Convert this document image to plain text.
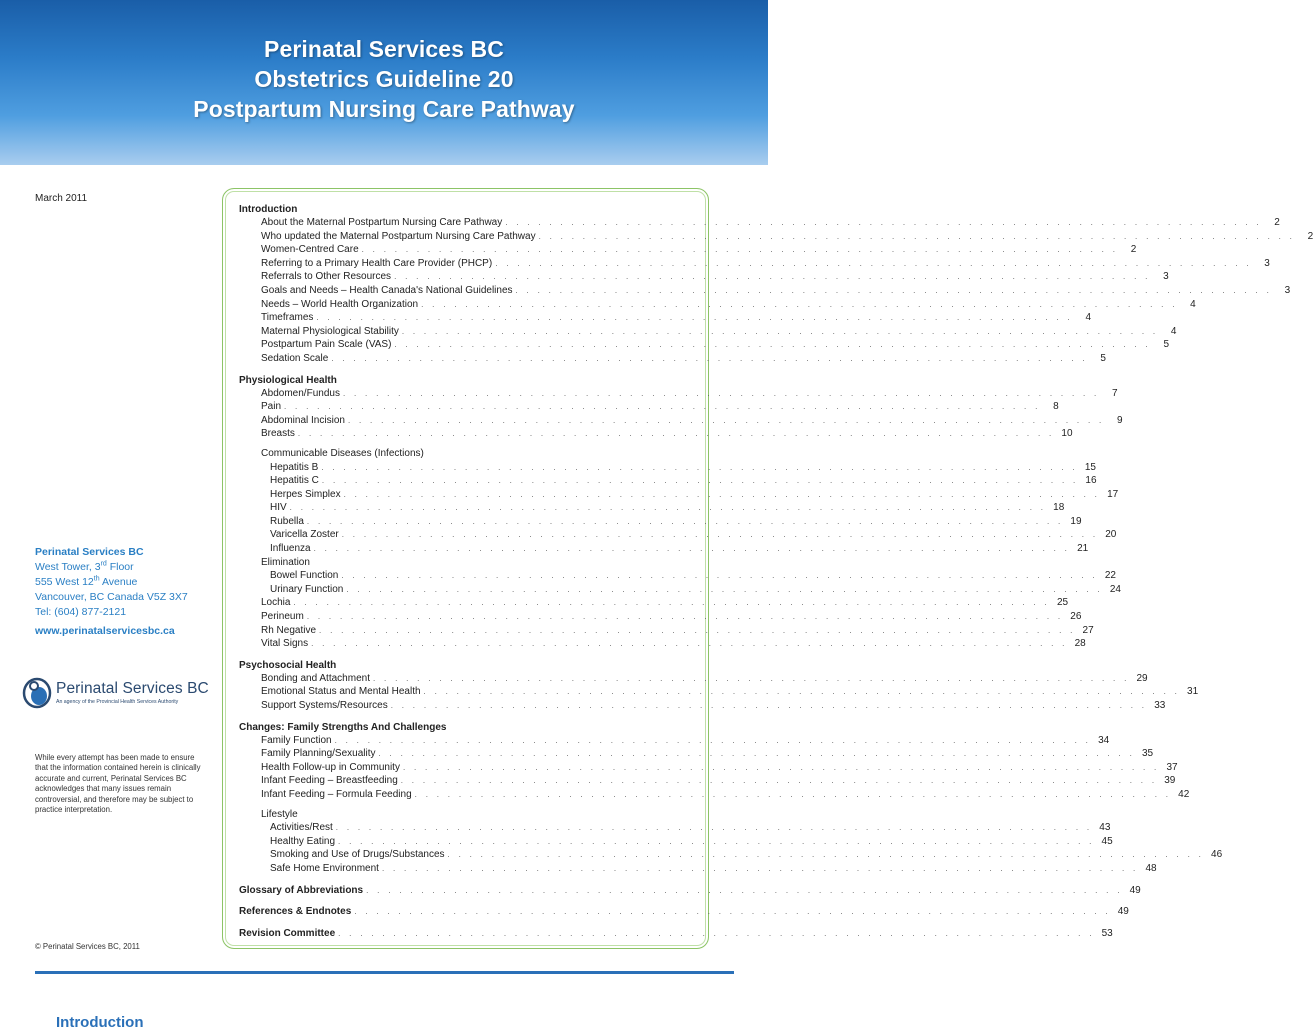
Perinatal Services BC
Obstetrics Guideline 20
Postpartum Nursing Care Pathway
March 2011
Perinatal Services BC
West Tower, 3rd Floor
555 West 12th Avenue
Vancouver, BC Canada V5Z 3X7
Tel: (604) 877-2121
www.perinatalservicesbc.ca
Perinatal Services BC
An agency of the Provincial Health Services Authority
While every attempt has been made to ensure that the information contained herein is clinically accurate and current, Perinatal Services BC acknowledges that many issues remain controversial, and therefore may be subject to practice interpretation.
© Perinatal Services BC, 2011
Introduction
About the Maternal Postpartum Nursing Care Pathway . . . . . . . . . . . . . . . . . . . . . . . . . . . . . . . . . . . . . . . . . . . . . . . . . . . . . . . . . . . . . . . . . . . . .	2
Who updated the Maternal Postpartum Nursing Care Pathway . . . . . . . . . . . . . . . . . . . . . . . . . . . . . . . . . . . . . . . . . . . . . . . . . . . . . . . . . . . . . . . . . . . . .	2
Women-Centred Care . . . . . . . . . . . . . . . . . . . . . . . . . . . . . . . . . . . . . . . . . . . . . . . . . . . . . . . . . . . . . . . . . . . . .	2
Referring to a Primary Health Care Provider (PHCP) . . . . . . . . . . . . . . . . . . . . . . . . . . . . . . . . . . . . . . . . . . . . . . . . . . . . . . . . . . . . . . . . . . . . .	3
Referrals to Other Resources . . . . . . . . . . . . . . . . . . . . . . . . . . . . . . . . . . . . . . . . . . . . . . . . . . . . . . . . . . . . . . . . . . . . .	3
Goals and Needs – Health Canada's National Guidelines . . . . . . . . . . . . . . . . . . . . . . . . . . . . . . . . . . . . . . . . . . . . . . . . . . . . . . . . . . . . . . . . . . . . .	3
Needs – World Health Organization . . . . . . . . . . . . . . . . . . . . . . . . . . . . . . . . . . . . . . . . . . . . . . . . . . . . . . . . . . . . . . . . . . . . .	4
Timeframes . . . . . . . . . . . . . . . . . . . . . . . . . . . . . . . . . . . . . . . . . . . . . . . . . . . . . . . . . . . . . . . . . . . . .	4
Maternal Physiological Stability . . . . . . . . . . . . . . . . . . . . . . . . . . . . . . . . . . . . . . . . . . . . . . . . . . . . . . . . . . . . . . . . . . . . .	4
Postpartum Pain Scale (VAS) . . . . . . . . . . . . . . . . . . . . . . . . . . . . . . . . . . . . . . . . . . . . . . . . . . . . . . . . . . . . . . . . . . . . .	5
Sedation Scale . . . . . . . . . . . . . . . . . . . . . . . . . . . . . . . . . . . . . . . . . . . . . . . . . . . . . . . . . . . . . . . . . . . . .	5
Physiological Health
Abdomen/Fundus . . . . . . . . . . . . . . . . . . . . . . . . . . . . . . . . . . . . . . . . . . . . . . . . . . . . . . . . . . . . . . . . . . . . .	7
Pain . . . . . . . . . . . . . . . . . . . . . . . . . . . . . . . . . . . . . . . . . . . . . . . . . . . . . . . . . . . . . . . . . . . . .	8
Abdominal Incision . . . . . . . . . . . . . . . . . . . . . . . . . . . . . . . . . . . . . . . . . . . . . . . . . . . . . . . . . . . . . . . . . . . . .	9
Breasts . . . . . . . . . . . . . . . . . . . . . . . . . . . . . . . . . . . . . . . . . . . . . . . . . . . . . . . . . . . . . . . . . . . . . 10
Communicable Diseases (Infections)
Hepatitis B . . . . . . . . . . . . . . . . . . . . . . . . . . . . . . . . . . . . . . . . . . . . . . . . . . . . . . . . . . . . . . . . . . . . . 15
Hepatitis C . . . . . . . . . . . . . . . . . . . . . . . . . . . . . . . . . . . . . . . . . . . . . . . . . . . . . . . . . . . . . . . . . . . . . 16
Herpes Simplex . . . . . . . . . . . . . . . . . . . . . . . . . . . . . . . . . . . . . . . . . . . . . . . . . . . . . . . . . . . . . . . . . . . . . 17
HIV . . . . . . . . . . . . . . . . . . . . . . . . . . . . . . . . . . . . . . . . . . . . . . . . . . . . . . . . . . . . . . . . . . . . . 18
Rubella . . . . . . . . . . . . . . . . . . . . . . . . . . . . . . . . . . . . . . . . . . . . . . . . . . . . . . . . . . . . . . . . . . . . . 19
Varicella Zoster . . . . . . . . . . . . . . . . . . . . . . . . . . . . . . . . . . . . . . . . . . . . . . . . . . . . . . . . . . . . . . . . . . . . . 20
Influenza . . . . . . . . . . . . . . . . . . . . . . . . . . . . . . . . . . . . . . . . . . . . . . . . . . . . . . . . . . . . . . . . . . . . . 21
Elimination
Bowel Function . . . . . . . . . . . . . . . . . . . . . . . . . . . . . . . . . . . . . . . . . . . . . . . . . . . . . . . . . . . . . . . . . . . . . 22
Urinary Function . . . . . . . . . . . . . . . . . . . . . . . . . . . . . . . . . . . . . . . . . . . . . . . . . . . . . . . . . . . . . . . . . . . . . 24
Lochia . . . . . . . . . . . . . . . . . . . . . . . . . . . . . . . . . . . . . . . . . . . . . . . . . . . . . . . . . . . . . . . . . . . . . 25
Perineum . . . . . . . . . . . . . . . . . . . . . . . . . . . . . . . . . . . . . . . . . . . . . . . . . . . . . . . . . . . . . . . . . . . . . 26
Rh Negative . . . . . . . . . . . . . . . . . . . . . . . . . . . . . . . . . . . . . . . . . . . . . . . . . . . . . . . . . . . . . . . . . . . . . 27
Vital Signs . . . . . . . . . . . . . . . . . . . . . . . . . . . . . . . . . . . . . . . . . . . . . . . . . . . . . . . . . . . . . . . . . . . . . 28
Psychosocial Health
Bonding and Attachment . . . . . . . . . . . . . . . . . . . . . . . . . . . . . . . . . . . . . . . . . . . . . . . . . . . . . . . . . . . . . . . . . . . . . 29
Emotional Status and Mental Health . . . . . . . . . . . . . . . . . . . . . . . . . . . . . . . . . . . . . . . . . . . . . . . . . . . . . . . . . . . . . . . . . . . . . 31
Support Systems/Resources . . . . . . . . . . . . . . . . . . . . . . . . . . . . . . . . . . . . . . . . . . . . . . . . . . . . . . . . . . . . . . . . . . . . . 33
Changes: Family Strengths And Challenges
Family Function . . . . . . . . . . . . . . . . . . . . . . . . . . . . . . . . . . . . . . . . . . . . . . . . . . . . . . . . . . . . . . . . . . . . . 34
Family Planning/Sexuality . . . . . . . . . . . . . . . . . . . . . . . . . . . . . . . . . . . . . . . . . . . . . . . . . . . . . . . . . . . . . . . . . . . . . 35
Health Follow-up in Community . . . . . . . . . . . . . . . . . . . . . . . . . . . . . . . . . . . . . . . . . . . . . . . . . . . . . . . . . . . . . . . . . . . . . 37
Infant Feeding – Breastfeeding . . . . . . . . . . . . . . . . . . . . . . . . . . . . . . . . . . . . . . . . . . . . . . . . . . . . . . . . . . . . . . . . . . . . . 39
Infant Feeding – Formula Feeding . . . . . . . . . . . . . . . . . . . . . . . . . . . . . . . . . . . . . . . . . . . . . . . . . . . . . . . . . . . . . . . . . . . . . 42
Lifestyle
Activities/Rest . . . . . . . . . . . . . . . . . . . . . . . . . . . . . . . . . . . . . . . . . . . . . . . . . . . . . . . . . . . . . . . . . . . . . 43
Healthy Eating . . . . . . . . . . . . . . . . . . . . . . . . . . . . . . . . . . . . . . . . . . . . . . . . . . . . . . . . . . . . . . . . . . . . . 45
Smoking and Use of Drugs/Substances . . . . . . . . . . . . . . . . . . . . . . . . . . . . . . . . . . . . . . . . . . . . . . . . . . . . . . . . . . . . . . . . . . . . . 46
Safe Home Environment . . . . . . . . . . . . . . . . . . . . . . . . . . . . . . . . . . . . . . . . . . . . . . . . . . . . . . . . . . . . . . . . . . . . . 48
Glossary of Abbreviations . . . . . . . . . . . . . . . . . . . . . . . . . . . . . . . . . . . . . . . . . . . . . . . . . . . . . . . . . . . . . . . . . . . . . 49
References & Endnotes . . . . . . . . . . . . . . . . . . . . . . . . . . . . . . . . . . . . . . . . . . . . . . . . . . . . . . . . . . . . . . . . . . . . . 49
Revision Committee . . . . . . . . . . . . . . . . . . . . . . . . . . . . . . . . . . . . . . . . . . . . . . . . . . . . . . . . . . . . . . . . . . . . . 53
Introduction
